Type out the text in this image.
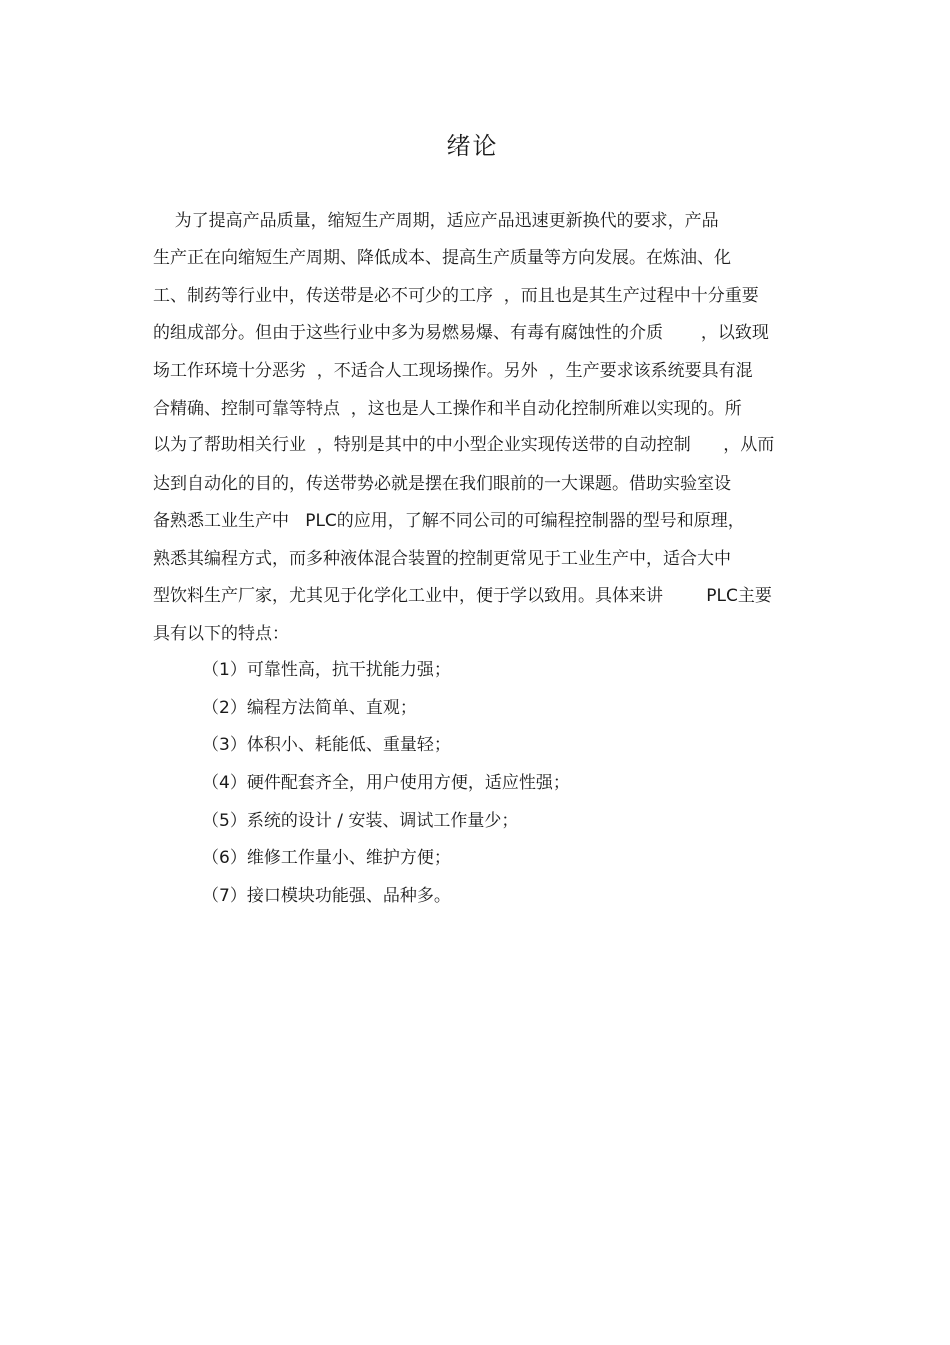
绪论
为了提高产品质量，缩短生产周期，适应产品迅速更新换代的要求，产品
生产正在向缩短生产周期、降低成本、提高生产质量等方向发展。在炼油、化
工、制药等行业中，传送带是必不可少的工序  ，而且也是其生产过程中十分重要
的组成部分。但由于这些行业中多为易燃易爆、有毒有腐蚀性的介质       ，以致现
场工作环境十分恶劣  ，不适合人工现场操作。另外  ，生产要求该系统要具有混
合精确、控制可靠等特点  ，这也是人工操作和半自动化控制所难以实现的。所
以为了帮助相关行业  ，特别是其中的中小型企业实现传送带的自动控制      ，从而
达到自动化的目的，传送带势必就是摆在我们眼前的一大课题。借助实验室设
备熟悉工业生产中   PLC的应用，了解不同公司的可编程控制器的型号和原理，
熟悉其编程方式，而多种液体混合装置的控制更常见于工业生产中，适合大中
型饮料生产厂家，尤其见于化学化工业中，便于学以致用。具体来讲        PLC主要
具有以下的特点：
（1）可靠性高，抗干扰能力强；
（2）编程方法简单、直观；
（3）体积小、耗能低、重量轻；
（4）硬件配套齐全，用户使用方便，适应性强；
（5）系统的设计 / 安装、调试工作量少；
（6）维修工作量小、维护方便；
（7）接口模块功能强、品种多。
